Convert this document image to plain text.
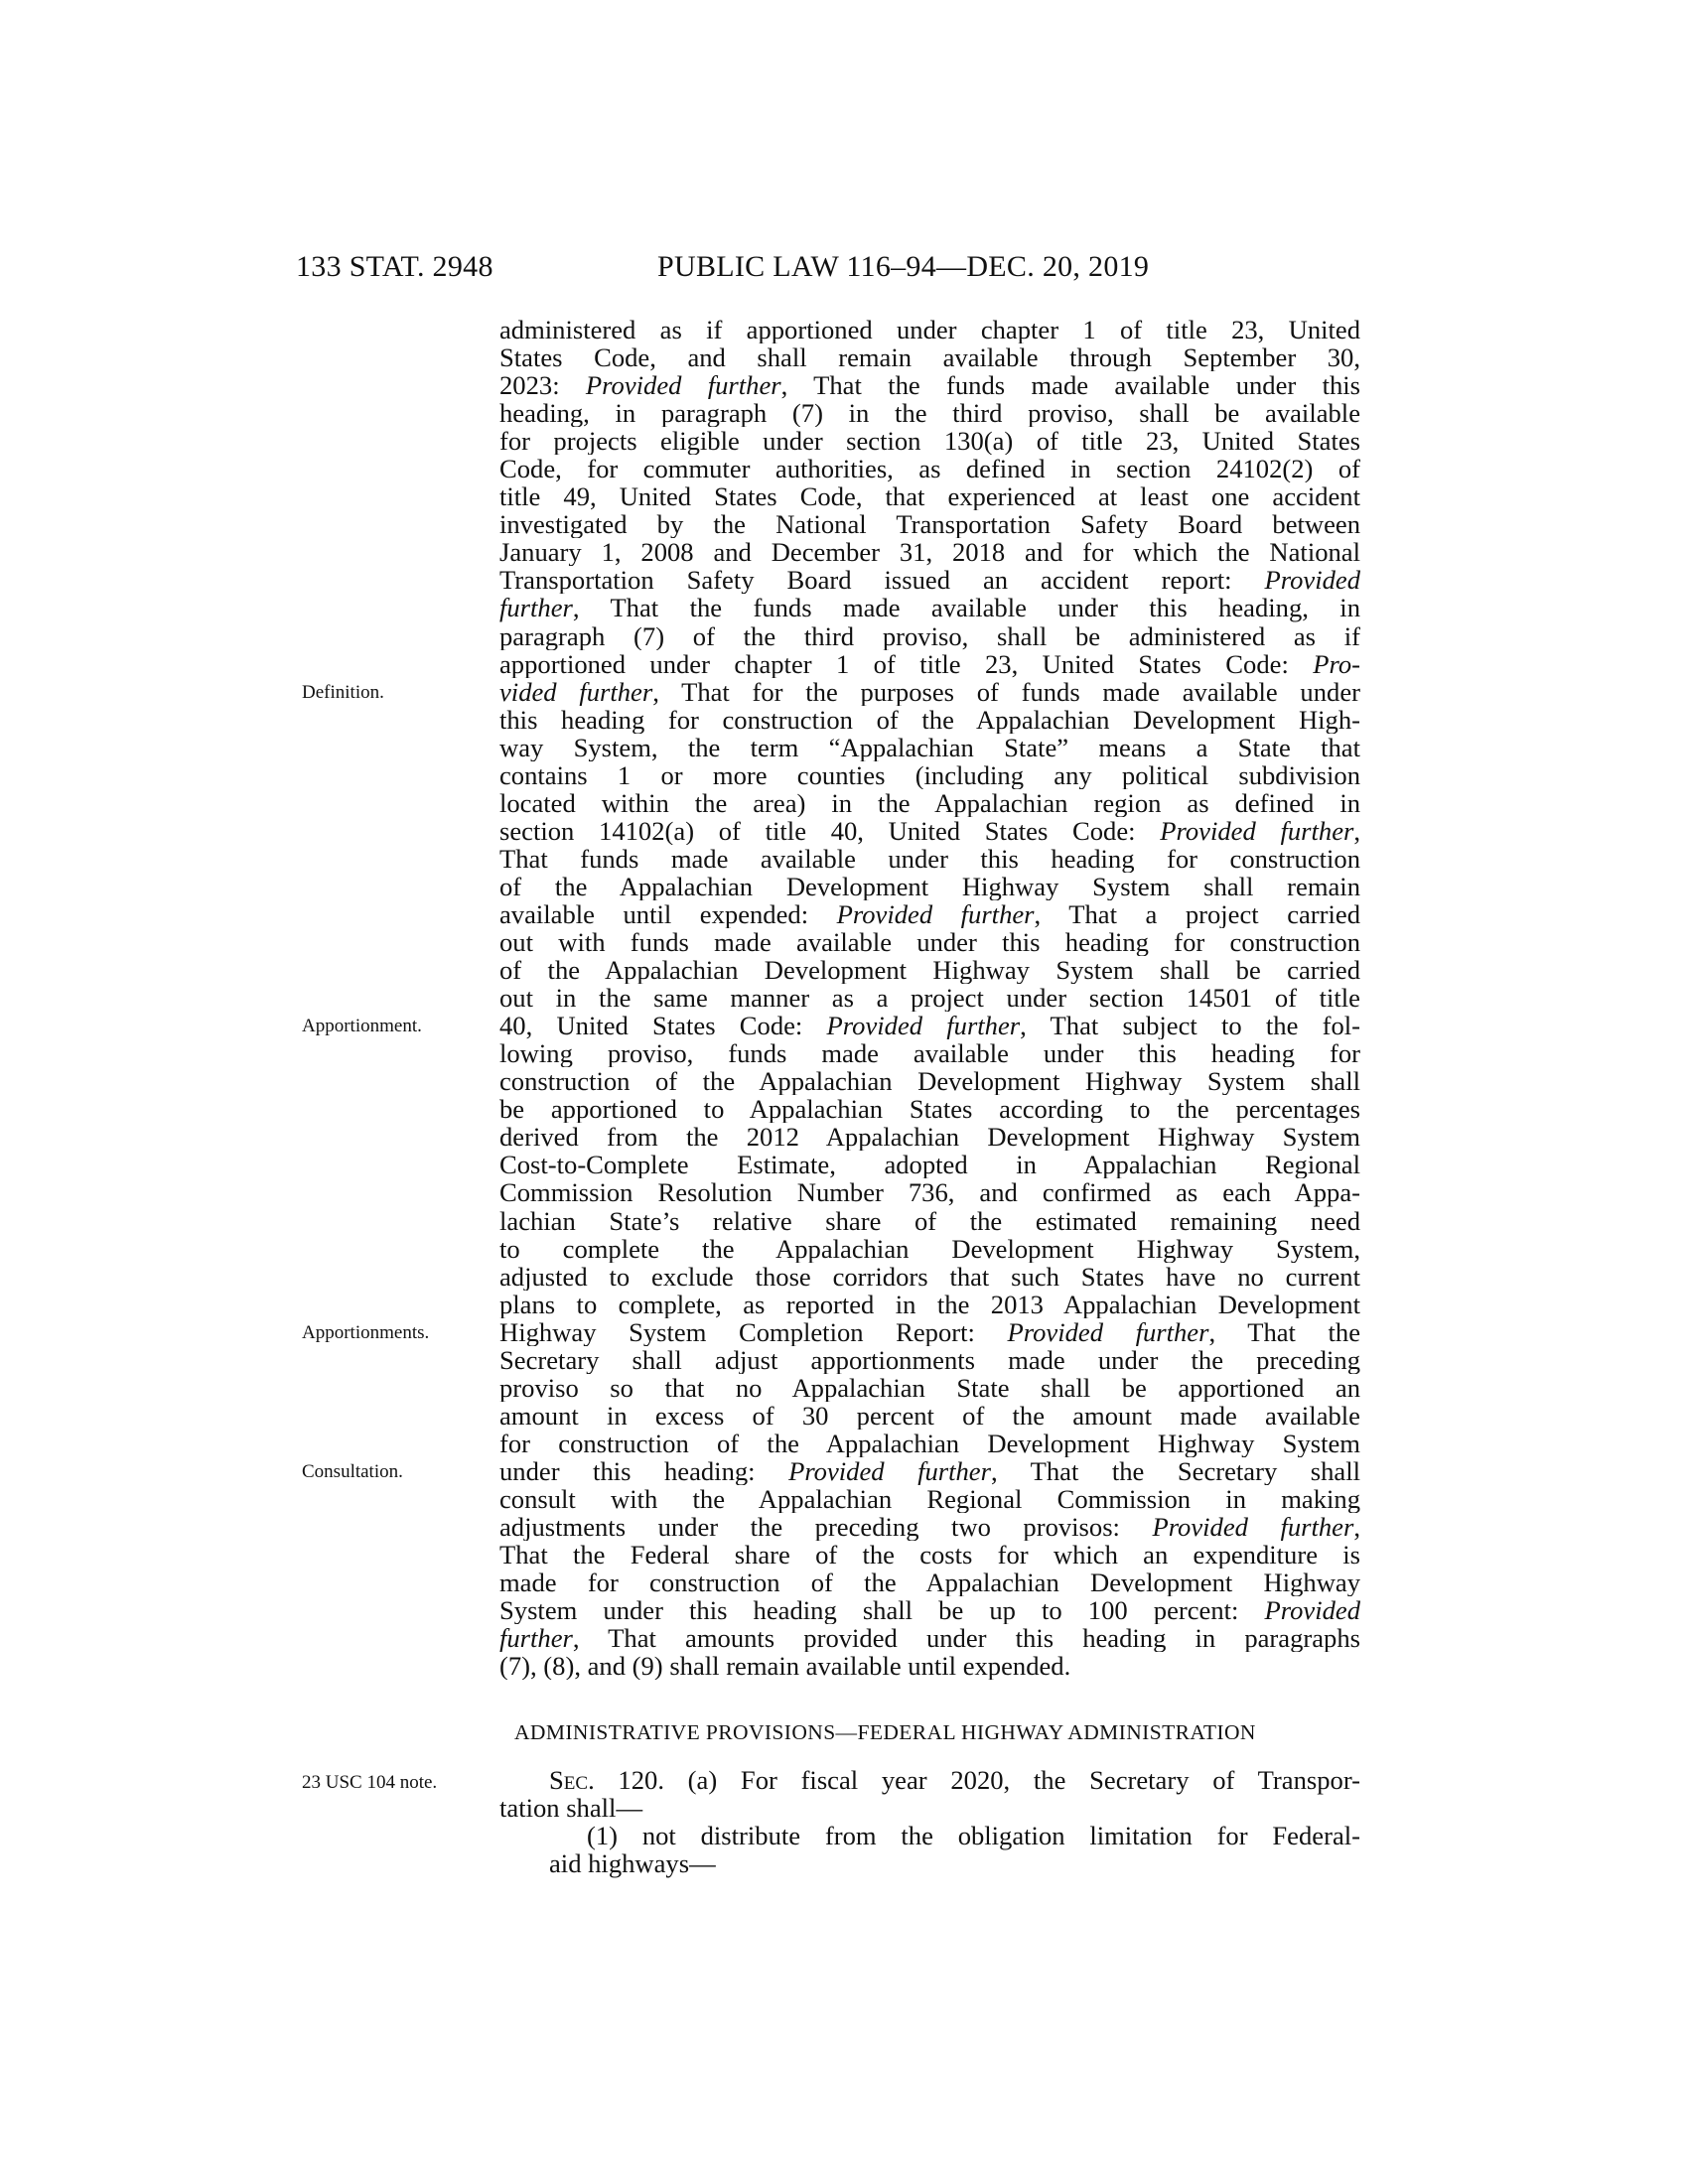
133 STAT. 2948	PUBLIC LAW 116–94—DEC. 20, 2019
administered as if apportioned under chapter 1 of title 23, United
States Code, and shall remain available through September 30,
2023: Provided further, That the funds made available under this
heading, in paragraph (7) in the third proviso, shall be available
for projects eligible under section 130(a) of title 23, United States
Code, for commuter authorities, as defined in section 24102(2) of
title 49, United States Code, that experienced at least one accident
investigated by the National Transportation Safety Board between
January 1, 2008 and December 31, 2018 and for which the National
Transportation Safety Board issued an accident report: Provided
further, That the funds made available under this heading, in
paragraph (7) of the third proviso, shall be administered as if
apportioned under chapter 1 of title 23, United States Code: Pro-
vided further, That for the purposes of funds made available under
this heading for construction of the Appalachian Development High-
way System, the term “Appalachian State” means a State that
contains 1 or more counties (including any political subdivision
located within the area) in the Appalachian region as defined in
section 14102(a) of title 40, United States Code: Provided further,
That funds made available under this heading for construction
of the Appalachian Development Highway System shall remain
available until expended: Provided further, That a project carried
out with funds made available under this heading for construction
of the Appalachian Development Highway System shall be carried
out in the same manner as a project under section 14501 of title
40, United States Code: Provided further, That subject to the fol-
lowing proviso, funds made available under this heading for
construction of the Appalachian Development Highway System shall
be apportioned to Appalachian States according to the percentages
derived from the 2012 Appalachian Development Highway System
Cost-to-Complete Estimate, adopted in Appalachian Regional
Commission Resolution Number 736, and confirmed as each Appa-
lachian State’s relative share of the estimated remaining need
to complete the Appalachian Development Highway System,
adjusted to exclude those corridors that such States have no current
plans to complete, as reported in the 2013 Appalachian Development
Highway System Completion Report: Provided further, That the
Secretary shall adjust apportionments made under the preceding
proviso so that no Appalachian State shall be apportioned an
amount in excess of 30 percent of the amount made available
for construction of the Appalachian Development Highway System
under this heading: Provided further, That the Secretary shall
consult with the Appalachian Regional Commission in making
adjustments under the preceding two provisos: Provided further,
That the Federal share of the costs for which an expenditure is
made for construction of the Appalachian Development Highway
System under this heading shall be up to 100 percent: Provided
further, That amounts provided under this heading in paragraphs
(7), (8), and (9) shall remain available until expended.
Definition.
Apportionment.
Apportionments.
Consultation.
ADMINISTRATIVE PROVISIONS—FEDERAL HIGHWAY ADMINISTRATION
23 USC 104 note.	Sec. 120. (a) For fiscal year 2020, the Secretary of Transpor-
tation shall—
(1) not distribute from the obligation limitation for Federal-
aid highways—
